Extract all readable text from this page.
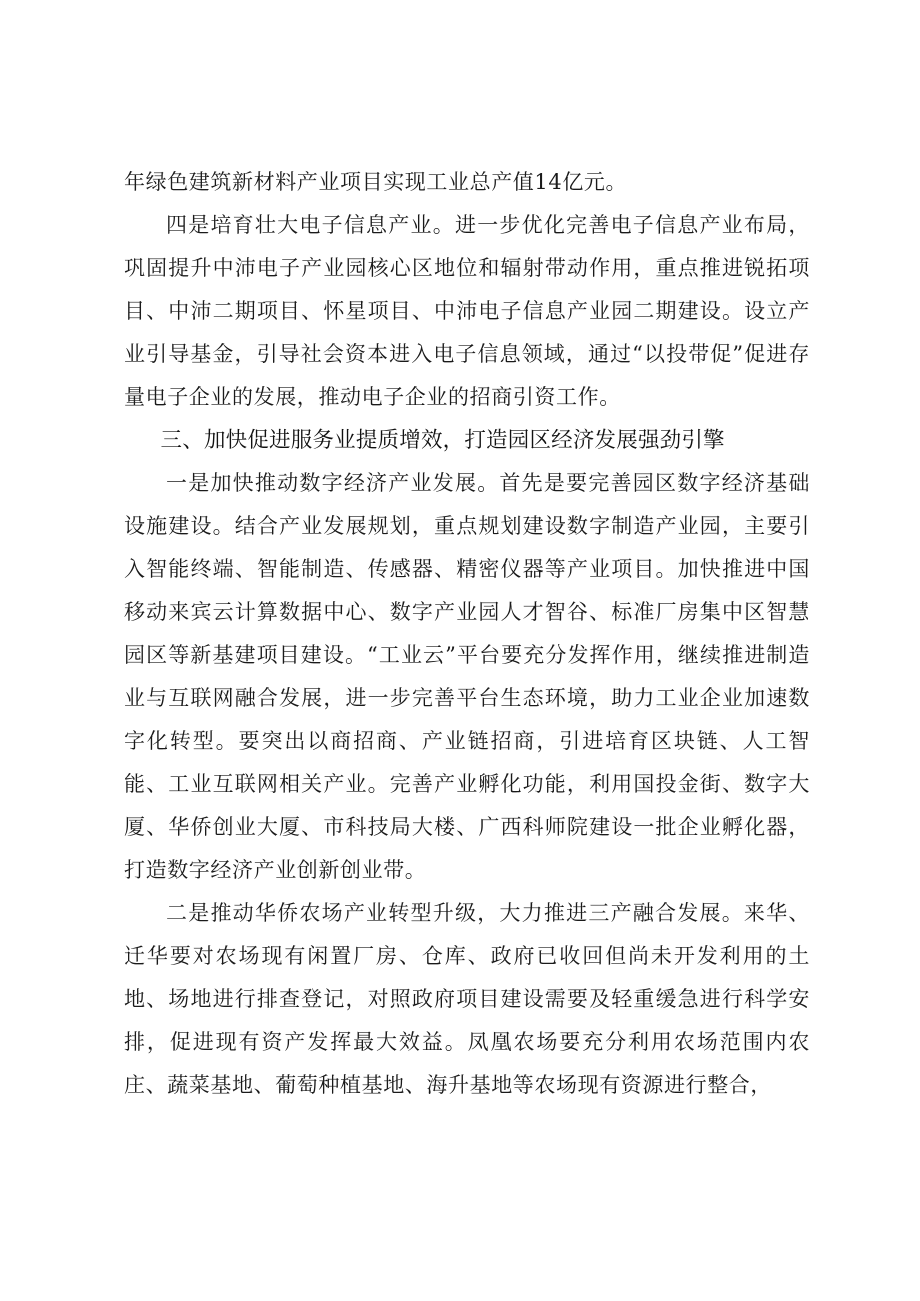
年绿色建筑新材料产业项目实现工业总产值14亿元。

四是培育壮大电子信息产业。进一步优化完善电子信息产业布局，巩固提升中沛电子产业园核心区地位和辐射带动作用，重点推进锐拓项目、中沛二期项目、怀星项目、中沛电子信息产业园二期建设。设立产业引导基金，引导社会资本进入电子信息领域，通过“以投带促”促进存量电子企业的发展，推动电子企业的招商引资工作。

三、加快促进服务业提质增效，打造园区经济发展强劲引擎

一是加快推动数字经济产业发展。首先是要完善园区数字经济基础设施建设。结合产业发展规划，重点规划建设数字制造产业园，主要引入智能终端、智能制造、传感器、精密仪器等产业项目。加快推进中国移动来宾云计算数据中心、数字产业园人才智谷、标准厂房集中区智慧园区等新基建项目建设。“工业云”平台要充分发挥作用，继续推进制造业与互联网融合发展，进一步完善平台生态环境，助力工业企业加速数字化转型。要突出以商招商、产业链招商，引进培育区块链、人工智能、工业互联网相关产业。完善产业孵化功能，利用国投金街、数字大厦、华侨创业大厦、市科技局大楼、广西科师院建设一批企业孵化器，打造数字经济产业创新创业带。

二是推动华侨农场产业转型升级，大力推进三产融合发展。来华、迁华要对农场现有闲置厂房、仓库、政府已收回但尚未开发利用的土地、场地进行排查登记，对照政府项目建设需要及轻重缓急进行科学安排，促进现有资产发挥最大效益。凤凰农场要充分利用农场范围内农庄、蔬菜基地、葡萄种植基地、海升基地等农场现有资源进行整合，
